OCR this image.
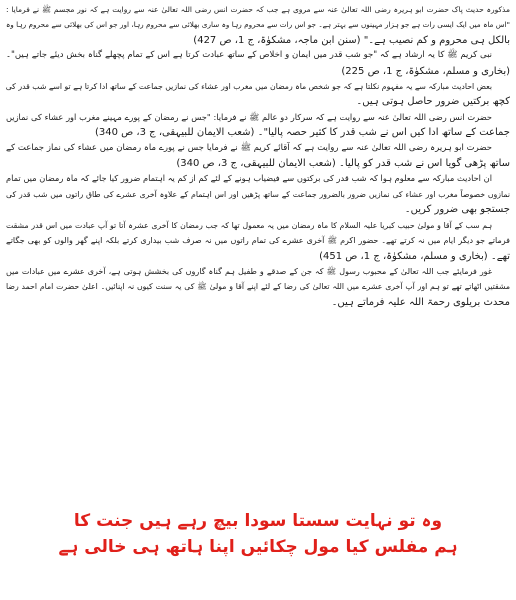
مذکورہ حدیث پاک حضرت ابو ہریرہ رضی اللہ تعالیٰ عنہ سے مروی ہے جب کہ حضرت انس رضی اللہ تعالیٰ عنہ سے روایت ہے کہ نور مجسم ﷺ نے فرمایا :
"اس ماہ میں ایک ایسی رات ہے جو ہزار مہینوں سے بہتر ہے۔ جو اس رات سے محروم رہا وہ ساری بھلائی سے محروم رہا، اور جو اس کی بھلائی سے محروم رہا وہ
بالکل ہی محروم و کم نصیب ہے۔" (سنن ابن ماجہ، مشکوٰۃ، ج 1، ص 427)
نبی کریم ﷺ کا یہ ارشاد ہے کہ "جو شب قدر میں ایمان و اخلاص کے ساتھ عبادت کرتا ہے اس کے تمام پچھلے گناہ بخش دیئے جاتے ہیں"۔
(بخاری و مسلم، مشکوٰۃ، ج 1، ص 225)
بعض احادیث مبارکہ سے یہ مفہوم نکلتا ہے کہ جو شخص ماہ رمضان میں مغرب اور عشاء کی نمازیں جماعت کے ساتھ ادا کرتا ہے تو اسے شب قدر کی
کچھ برکتیں ضرور حاصل ہوتی ہیں۔
حضرت انس رضی اللہ تعالیٰ عنہ سے روایت ہے کہ سرکار دو عالم ﷺ نے فرمایا: "جس نے رمضان کے پورے مہینے مغرب اور عشاء کی نمازیں
جماعت کے ساتھ ادا کیں اس نے شب قدر کا کثیر حصہ پالیا"۔ (شعب الایمان للبیہقی، ج 3، ص 340)
حضرت ابو ہریرہ رضی اللہ تعالیٰ عنہ سے روایت ہے کہ آقائے کریم ﷺ نے فرمایا جس نے پورے ماہ رمضان میں عشاء کی نماز جماعت کے
ساتھ پڑھی گویا اس نے شب قدر کو پالیا۔ (شعب الایمان للبیہقی، ج 3، ص 340)
ان احادیث مبارکہ سے معلوم ہوا کہ شب قدر کی برکتوں سے فیضیاب ہونے کے لئے کم از کم یہ اہتمام ضرور کیا جائے کہ ماہ رمضان میں تمام
نمازوں خصوصاً مغرب اور عشاء کی نمازیں ضرور بالضرور جماعت کے ساتھ پڑھیں اور اس اہتمام کے علاوہ آخری عشرے کی طاق راتوں میں شب قدر کی
جستجو بھی ضرور کریں۔
ہم سب کے آقا و مولیٰ حبیب کبریا علیہ السلام کا ماہ رمضان میں یہ معمول تھا کہ جب رمضان کا آخری عشرہ آتا تو آپ عبادت میں اس قدر مشقت
فرماتے جو دیگر ایام میں نہ کرتے تھے۔ حضور اکرم ﷺ آخری عشرے کی تمام راتوں میں نہ صرف شب بیداری کرتے بلکہ اپنے گھر والوں کو بھی جگاتے
تھے۔ (بخاری و مسلم، مشکوٰۃ، ج 1، ص 451)
غور فرمایئے جب اللہ تعالیٰ کے محبوب رسول ﷺ کہ جن کے صدقے و طفیل ہم گناہ گاروں کی بخشش ہوتی ہے، آخری عشرے میں عبادات میں
مشقتیں اٹھاتے تھے تو ہم اور آپ آخری عشرے میں اللہ تعالیٰ کی رضا کے لئے اپنے آقا و مولیٰ ﷺ کی یہ سنت کیوں نہ اپنائیں۔ اعلیٰ حضرت امام احمد رضا
محدث بریلوی رحمۃ اللہ علیہ فرماتے ہیں۔
وہ تو نہایت سستا سودا بیچ رہے ہیں جنت کا
ہم مفلس کیا مول چکائیں اپنا ہاتھ ہی خالی ہے
